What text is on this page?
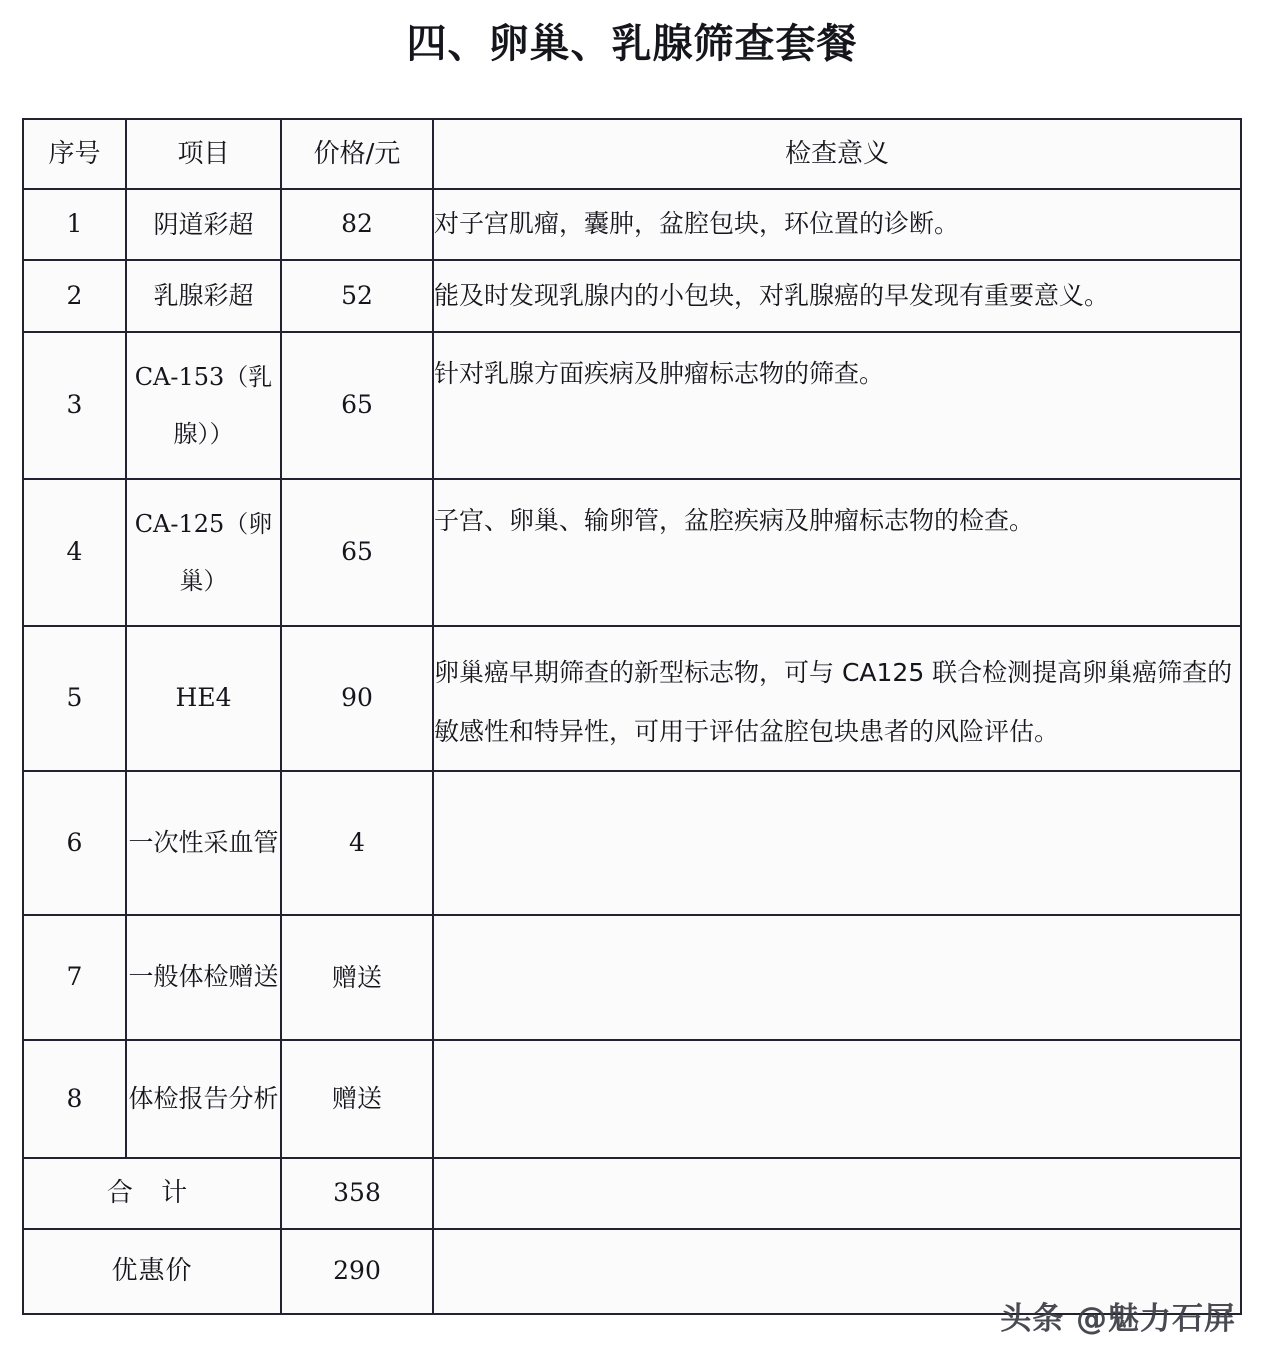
四、卵巢、乳腺筛查套餐
序号	项目	价格/元	检查意义
1	阴道彩超	82	对子宫肌瘤，囊肿，盆腔包块，环位置的诊断。
2	乳腺彩超	52	能及时发现乳腺内的小包块，对乳腺癌的早发现有重要意义。
3	CA-153（乳腺））	65	针对乳腺方面疾病及肿瘤标志物的筛查。
4	CA-125（卵巢）	65	子宫、卵巢、输卵管，盆腔疾病及肿瘤标志物的检查。
5	HE4	90	卵巢癌早期筛查的新型标志物，可与 CA125 联合检测提高卵巢癌筛查的敏感性和特异性，可用于评估盆腔包块患者的风险评估。
6	一次性采血管	4	
7	一般体检赠送	赠送	
8	体检报告分析	赠送	
合 计		358	
优惠价		290	
头条 @魅力石屏
